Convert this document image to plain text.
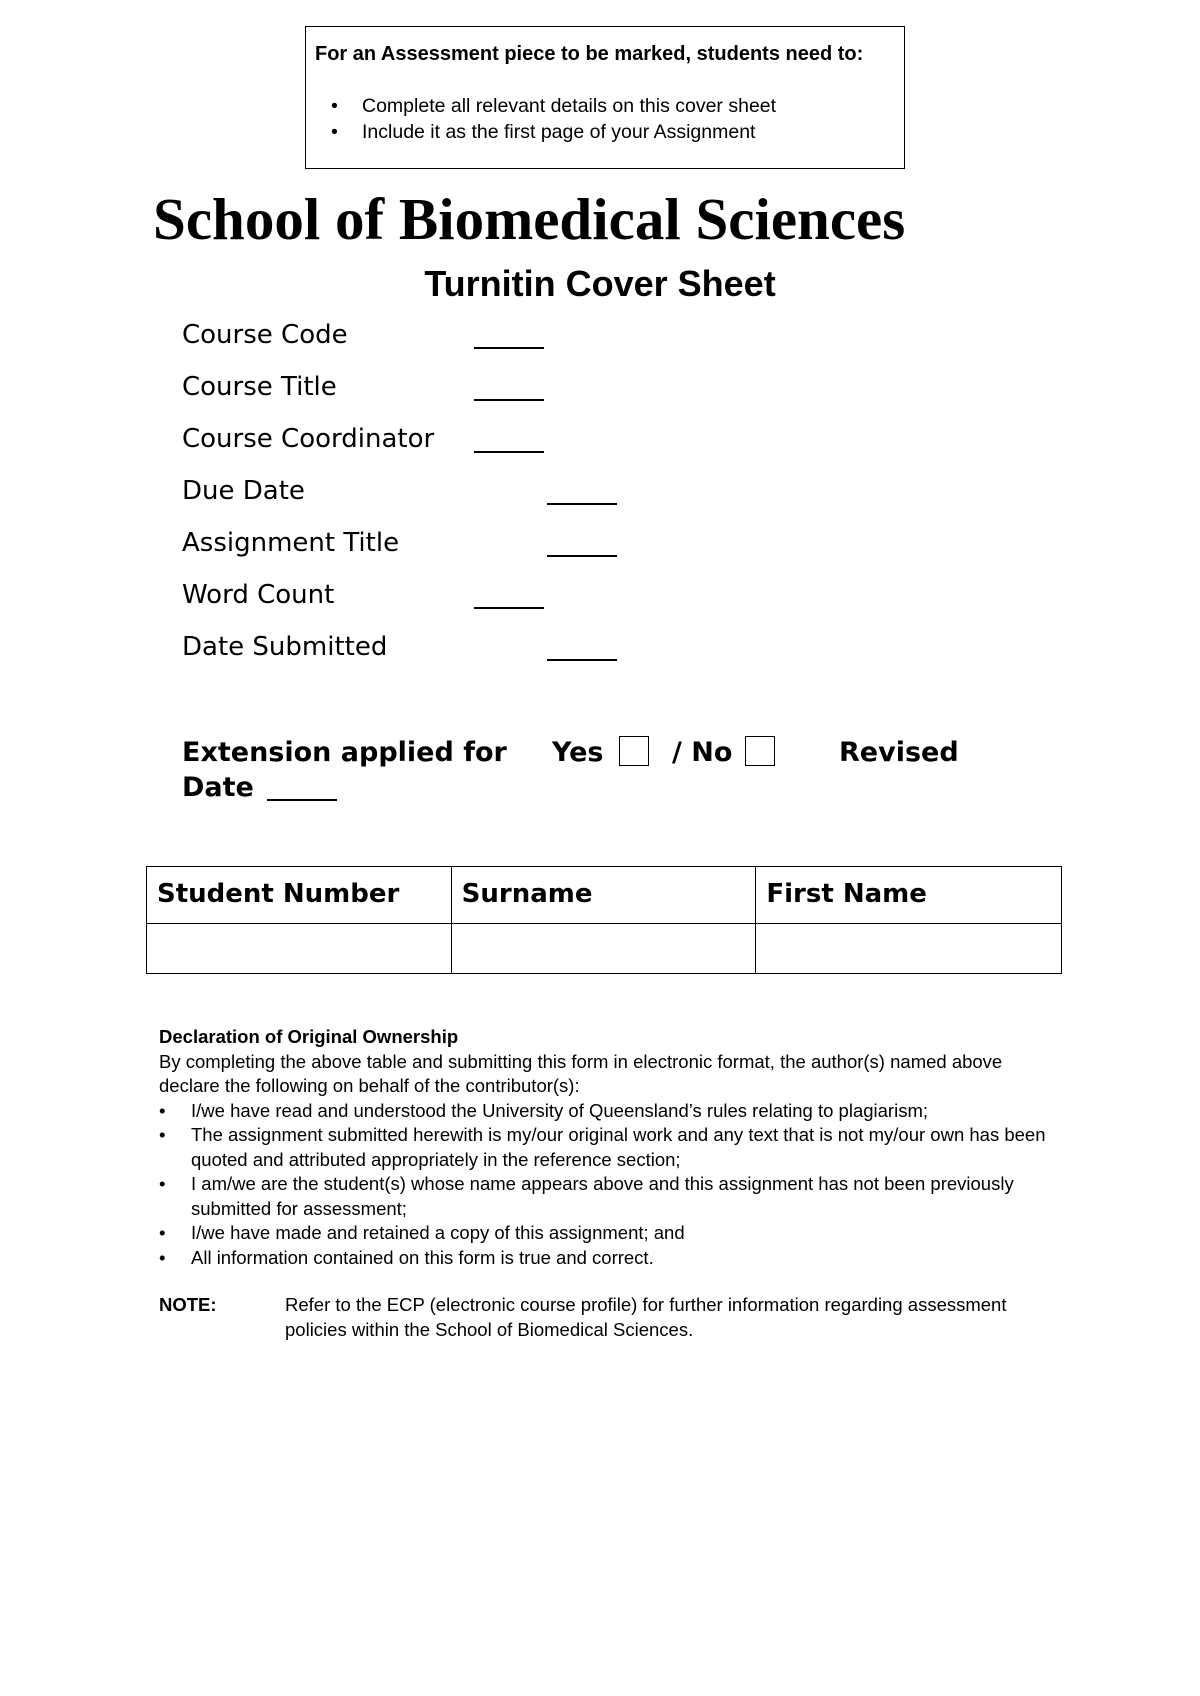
For an Assessment piece to be marked, students need to:
• Complete all relevant details on this cover sheet
• Include it as the first page of your Assignment
School of Biomedical Sciences
Turnitin Cover Sheet
Course Code
Course Title
Course Coordinator
Due Date
Assignment Title
Word Count
Date Submitted
Extension applied for Yes	/ No	Revised
Date
Student Number	Surname	First Name

Declaration of Original Ownership
By completing the above table and submitting this form in electronic format, the author(s) named above declare the following on behalf of the contributor(s):
• I/we have read and understood the University of Queensland’s rules relating to plagiarism;
• The assignment submitted herewith is my/our original work and any text that is not my/our own has been quoted and attributed appropriately in the reference section;
• I am/we are the student(s) whose name appears above and this assignment has not been previously submitted for assessment;
• I/we have made and retained a copy of this assignment; and
• All information contained on this form is true and correct.
NOTE:	Refer to the ECP (electronic course profile) for further information regarding assessment policies within the School of Biomedical Sciences.
